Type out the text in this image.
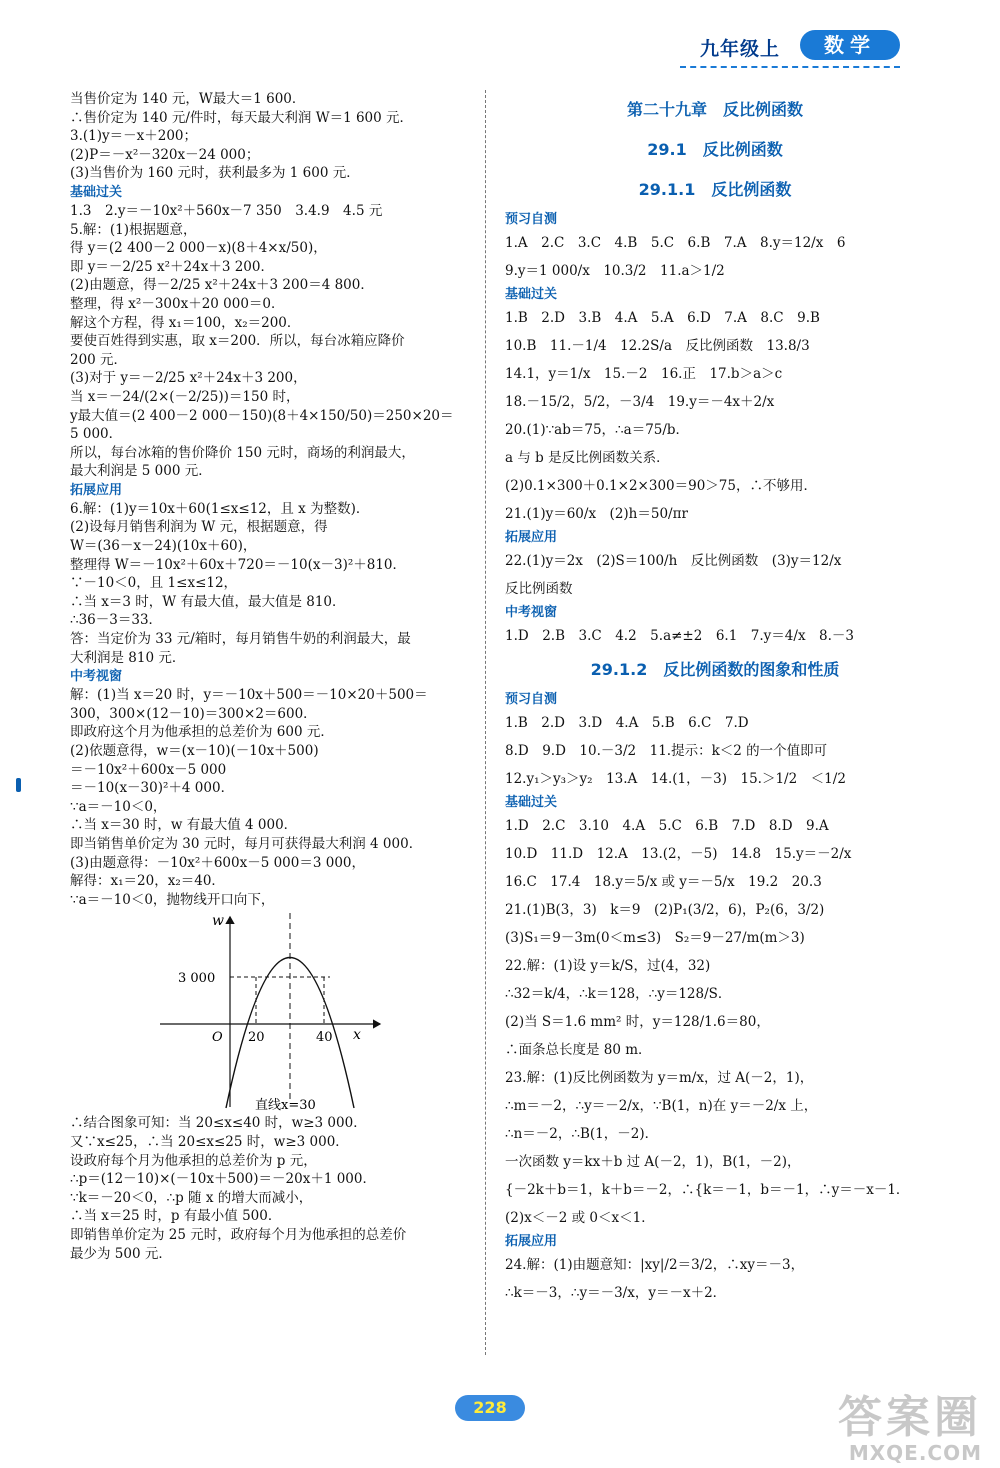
九年级上	数学
当售价定为 140 元，W最大＝1 600．
∴售价定为 140 元/件时，每天最大利润 W＝1 600 元．
3.(1)y＝－x＋200；
(2)P＝－x²－320x－24 000；
(3)当售价为 160 元时，获利最多为 1 600 元．
基础过关
1.3　2.y＝－10x²＋560x－7 350　3.4.9　4.5 元
5.解：(1)根据题意，
得 y＝(2 400－2 000－x)(8＋4×x/50)，
即 y＝－2/25 x²＋24x＋3 200．
(2)由题意，得－2/25 x²＋24x＋3 200＝4 800．
整理，得 x²－300x＋20 000＝0．
解这个方程，得 x₁＝100，x₂＝200．
要使百姓得到实惠，取 x＝200．所以，每台冰箱应降价
200 元．
(3)对于 y＝－2/25 x²＋24x＋3 200，
当 x＝－24/(2×(－2/25))＝150 时，
y最大值＝(2 400－2 000－150)(8＋4×150/50)＝250×20＝
5 000．
所以，每台冰箱的售价降价 150 元时，商场的利润最大，
最大利润是 5 000 元．
拓展应用
6.解：(1)y＝10x＋60(1≤x≤12，且 x 为整数)．
(2)设每月销售利润为 W 元，根据题意，得
W＝(36－x－24)(10x＋60)，
整理得 W＝－10x²＋60x＋720＝－10(x－3)²＋810．
∵－10＜0，且 1≤x≤12，
∴当 x＝3 时，W 有最大值，最大值是 810．
∴36－3＝33．
答：当定价为 33 元/箱时，每月销售牛奶的利润最大，最
大利润是 810 元．
中考视窗
解：(1)当 x＝20 时，y＝－10x＋500＝－10×20＋500＝
300，300×(12－10)＝300×2＝600．
即政府这个月为他承担的总差价为 600 元．
(2)依题意得，w＝(x－10)(－10x＋500)
＝－10x²＋600x－5 000
＝－10(x－30)²＋4 000．
∵a＝－10＜0，
∴当 x＝30 时，w 有最大值 4 000．
即当销售单价定为 30 元时，每月可获得最大利润 4 000．
(3)由题意得：－10x²＋600x－5 000＝3 000，
解得：x₁＝20，x₂＝40．
∵a＝－10＜0，抛物线开口向下，
w
3 000
O 20	40 x
直线x=30
∴结合图象可知：当 20≤x≤40 时，w≥3 000．
又∵x≤25，∴当 20≤x≤25 时，w≥3 000．
设政府每个月为他承担的总差价为 p 元，
∴p＝(12－10)×(－10x＋500)＝－20x＋1 000．
∵k＝－20＜0，∴p 随 x 的增大而减小，
∴当 x＝25 时，p 有最小值 500．
即销售单价定为 25 元时，政府每个月为他承担的总差价
最少为 500 元．
第二十九章　反比例函数
29.1　反比例函数
29.1.1　反比例函数
预习自测
1.A　2.C　3.C　4.B　5.C　6.B　7.A　8.y＝12/x　6
9.y＝1 000/x　10.3/2　11.a＞1/2
基础过关
1.B　2.D　3.B　4.A　5.A　6.D　7.A　8.C　9.B
10.B　11.－1/4　12.2S/a　反比例函数　13.8/3
14.1，y＝1/x　15.－2　16.正　17.b＞a＞c
18.－15/2，5/2，－3/4　19.y＝－4x＋2/x
20.(1)∵ab＝75，∴a＝75/b．
a 与 b 是反比例函数关系．
(2)0.1×300＋0.1×2×300＝90＞75，∴不够用．
21.(1)y＝60/x　(2)h＝50/πr
拓展应用
22.(1)y＝2x　(2)S＝100/h　反比例函数　(3)y＝12/x
反比例函数
中考视窗
1.D　2.B　3.C　4.2　5.a≠±2　6.1　7.y＝4/x　8.－3
29.1.2　反比例函数的图象和性质
预习自测
1.B　2.D　3.D　4.A　5.B　6.C　7.D
8.D　9.D　10.－3/2　11.提示：k＜2 的一个值即可
12.y₁＞y₃＞y₂　13.A　14.(1，－3)　15.＞1/2　＜1/2
基础过关
1.D　2.C　3.10　4.A　5.C　6.B　7.D　8.D　9.A
10.D　11.D　12.A　13.(2，－5)　14.8　15.y＝－2/x
16.C　17.4　18.y＝5/x 或 y＝－5/x　19.2　20.3
21.(1)B(3，3)　k＝9　(2)P₁(3/2，6)，P₂(6，3/2)
(3)S₁＝9－3m(0＜m≤3)　S₂＝9－27/m(m＞3)
22.解：(1)设 y＝k/S，过(4，32)
∴32＝k/4，∴k＝128，∴y＝128/S．
(2)当 S＝1.6 mm² 时，y＝128/1.6＝80，
∴面条总长度是 80 m．
23.解：(1)反比例函数为 y＝m/x，过 A(－2，1)，
∴m＝－2，∴y＝－2/x，∵B(1，n)在 y＝－2/x 上，
∴n＝－2，∴B(1，－2)．
一次函数 y＝kx＋b 过 A(－2，1)，B(1，－2)，
{－2k＋b＝1，k＋b＝－2，∴{k＝－1，b＝－1，∴y＝－x－1．
(2)x＜－2 或 0＜x＜1．
拓展应用
24.解：(1)由题意知：|xy|/2＝3/2，∴xy＝－3，
∴k＝－3，∴y＝－3/x，y＝－x＋2．
228	答案圈
MXQE.COM
